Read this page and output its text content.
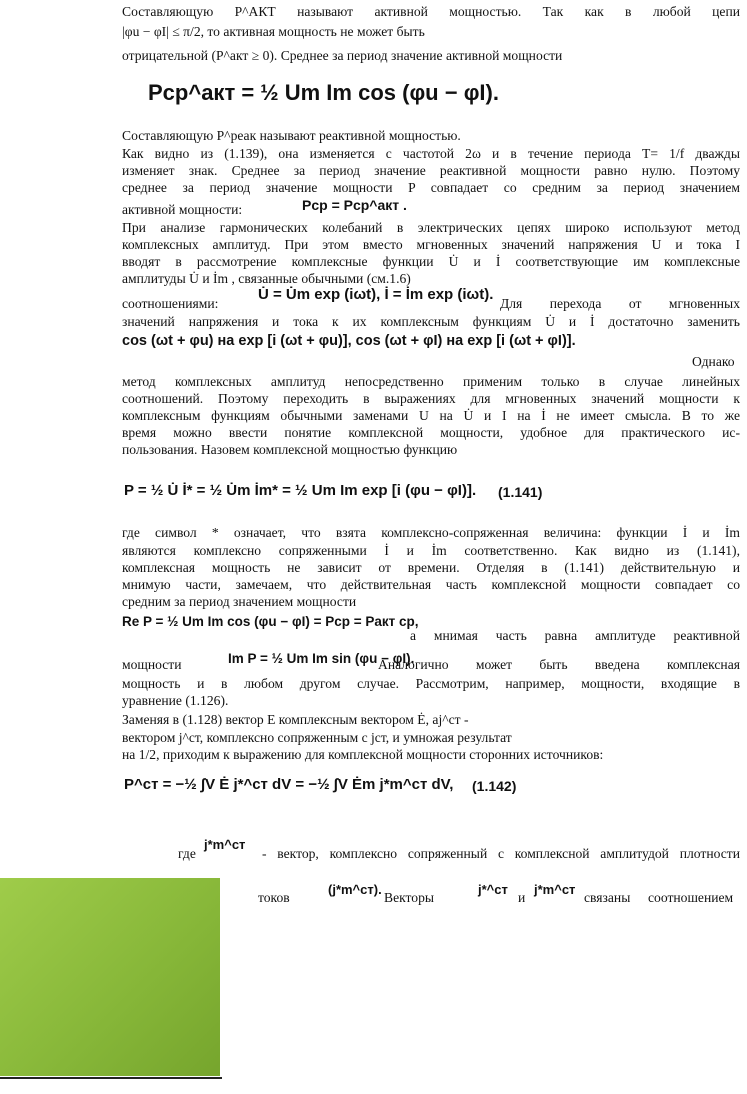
Составляющую P^АКТ называют активной мощностью. Так как в любой цепи

|φu − φI| ≤ π/2, то активная мощность не может быть

отрицательной (P^акт ≥ 0). Среднее за период значение активной мощности

Pср^акт = ½ Um Im cos (φu − φI).

Составляющую P^реак называют реактивной мощностью.

Как видно из (1.139), она изменяется с частотой 2ω и в течение периода T= 1/f дважды

изменяет знак. Среднее за период значение реактивной мощности равно нулю. Поэтому

среднее за период значение мощности P совпадает со средним за период значением

активной мощности:	Pср = Pср^акт .

При анализе гармонических колебаний в электрических цепях широко используют метод

комплексных амплитуд. При этом вместо мгновенных значений напряжения U и тока I

вводят в рассмотрение комплексные функции U̇ и İ соответствующие им комплексные

амплитуды U̇ и İm , связанные обычными (см.1.6)

соотношениями:

U̇ = U̇m exp (iωt), İ = İm exp (iωt).

Для перехода от мгновенных

значений напряжения и тока к их комплексным функциям U̇ и İ достаточно заменить

cos (ωt + φu) на exp [i (ωt + φu)], cos (ωt + φI) на exp [i (ωt + φI)].

Однако

метод комплексных амплитуд непосредственно применим только в случае линейных

соотношений. Поэтому переходить в выражениях для мгновенных значений мощности к

комплексным функциям обычными заменами U на U̇ и I на İ не имеет смысла. В то же

время можно ввести понятие комплексной мощности, удобное для практического ис-

пользования. Назовем комплексной мощностью функцию

P = ½ U̇ İ* = ½ U̇m İm* = ½ Um Im exp [i (φu − φI)]. (1.141)

где символ * означает, что взята комплексно-сопряженная величина: функции İ и İm

являются комплексно сопряженными İ и İm соответственно. Как видно из (1.141),

комплексная мощность не зависит от времени. Отделяя в (1.141) действительную и

мнимую части, замечаем, что действительная часть комплексной мощности совпадает со

средним за период значением мощности

Re P = ½ Um Im cos (φu − φI) = Pср = Pакт ср,

а мнимая часть равна амплитуде реактивной

мощности	Im P = ½ Um Im sin (φu − φI).

Аналогично может быть введена комплексная

мощность и в любом другом случае. Рассмотрим, например, мощности, входящие в

уравнение (1.126).

Заменяя в (1.128) вектор E комплексным вектором Ė, aj^ст -

вектором j^ст, комплексно сопряженным с jст, и умножая результат

на 1/2, приходим к выражению для комплексной мощности сторонних источников:

P^ст = −½ ∫V Ė j*^ст dV = −½ ∫V Ėm j*m^ст dV, (1.142)

где

j*m^ст

- вектор, комплексно сопряженный с комплексной амплитудой плотности

токов

(j*m^ст).

Векторы

j*^ст

и

j*m^ст

связаны соотношением
